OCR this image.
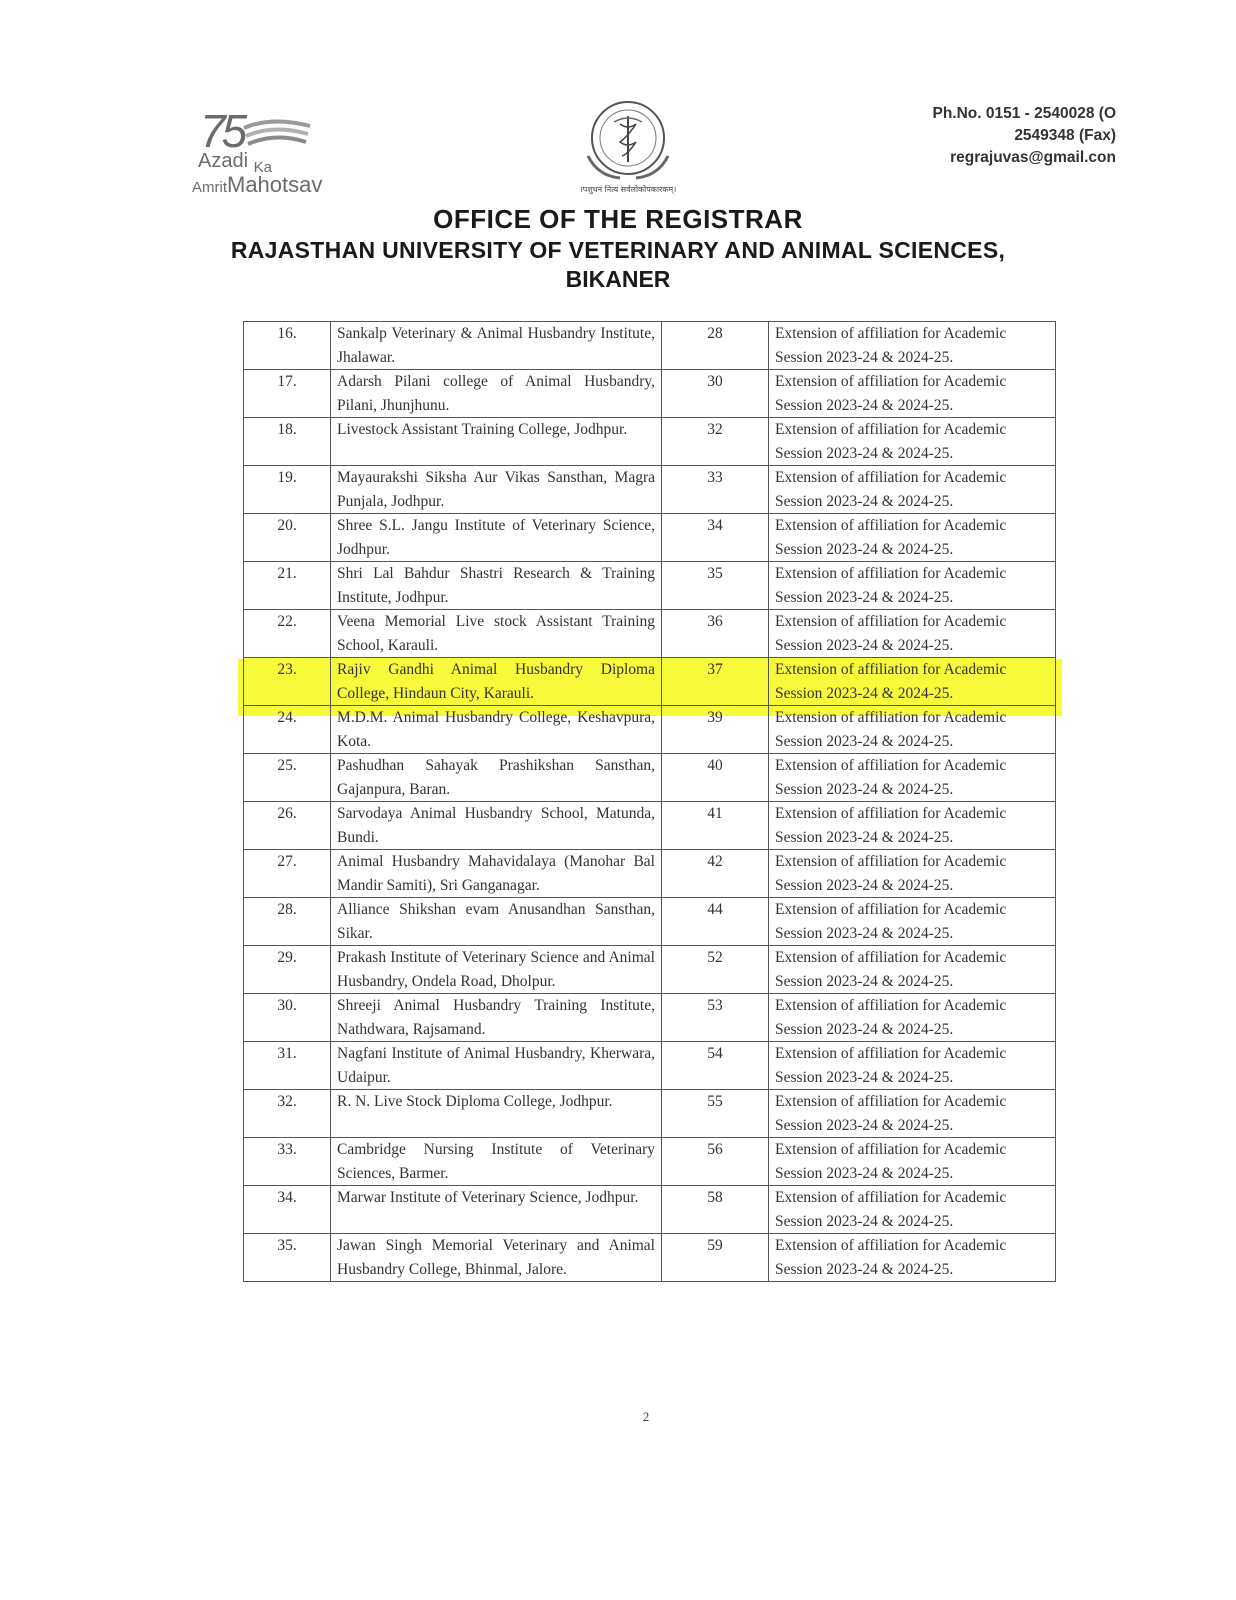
75
Azadi $_{Ka}$
AmritMahotsav	।पशुधनं नित्यं सर्वलोकोपकारकम्।
Ph.No. 0151 - 2540028 (O
2549348 (Fax)
regrajuvas@gmail.con
OFFICE OF THE REGISTRAR
RAJASTHAN UNIVERSITY OF VETERINARY AND ANIMAL SCIENCES,
BIKANER
16.	Sankalp Veterinary & Animal Husbandry Institute, Jhalawar.	28	Extension of affiliation for Academic Session 2023-24 & 2024-25.
17.	Adarsh Pilani college of Animal Husbandry, Pilani, Jhunjhunu.	30	Extension of affiliation for Academic Session 2023-24 & 2024-25.
18.	Livestock Assistant Training College, Jodhpur.	32	Extension of affiliation for Academic Session 2023-24 & 2024-25.
19.	Mayaurakshi Siksha Aur Vikas Sansthan, Magra Punjala, Jodhpur.	33	Extension of affiliation for Academic Session 2023-24 & 2024-25.
20.	Shree S.L. Jangu Institute of Veterinary Science, Jodhpur.	34	Extension of affiliation for Academic Session 2023-24 & 2024-25.
21.	Shri Lal Bahdur Shastri Research & Training Institute, Jodhpur.	35	Extension of affiliation for Academic Session 2023-24 & 2024-25.
22.	Veena Memorial Live stock Assistant Training School, Karauli.	36	Extension of affiliation for Academic Session 2023-24 & 2024-25.
23.	Rajiv Gandhi Animal Husbandry Diploma College, Hindaun City, Karauli.	37	Extension of affiliation for Academic Session 2023-24 & 2024-25.
24.	M.D.M. Animal Husbandry College, Keshavpura, Kota.	39	Extension of affiliation for Academic Session 2023-24 & 2024-25.
25.	Pashudhan Sahayak Prashikshan Sansthan, Gajanpura, Baran.	40	Extension of affiliation for Academic Session 2023-24 & 2024-25.
26.	Sarvodaya Animal Husbandry School, Matunda, Bundi.	41	Extension of affiliation for Academic Session 2023-24 & 2024-25.
27.	Animal Husbandry Mahavidalaya (Manohar Bal Mandir Samiti), Sri Ganganagar.	42	Extension of affiliation for Academic Session 2023-24 & 2024-25.
28.	Alliance Shikshan evam Anusandhan Sansthan, Sikar.	44	Extension of affiliation for Academic Session 2023-24 & 2024-25.
29.	Prakash Institute of Veterinary Science and Animal Husbandry, Ondela Road, Dholpur.	52	Extension of affiliation for Academic Session 2023-24 & 2024-25.
30.	Shreeji Animal Husbandry Training Institute, Nathdwara, Rajsamand.	53	Extension of affiliation for Academic Session 2023-24 & 2024-25.
31.	Nagfani Institute of Animal Husbandry, Kherwara, Udaipur.	54	Extension of affiliation for Academic Session 2023-24 & 2024-25.
32.	R. N. Live Stock Diploma College, Jodhpur.	55	Extension of affiliation for Academic Session 2023-24 & 2024-25.
33.	Cambridge Nursing Institute of Veterinary Sciences, Barmer.	56	Extension of affiliation for Academic Session 2023-24 & 2024-25.
34.	Marwar Institute of Veterinary Science, Jodhpur.	58	Extension of affiliation for Academic Session 2023-24 & 2024-25.
35.	Jawan Singh Memorial Veterinary and Animal Husbandry College, Bhinmal, Jalore.	59	Extension of affiliation for Academic Session 2023-24 & 2024-25.
2
